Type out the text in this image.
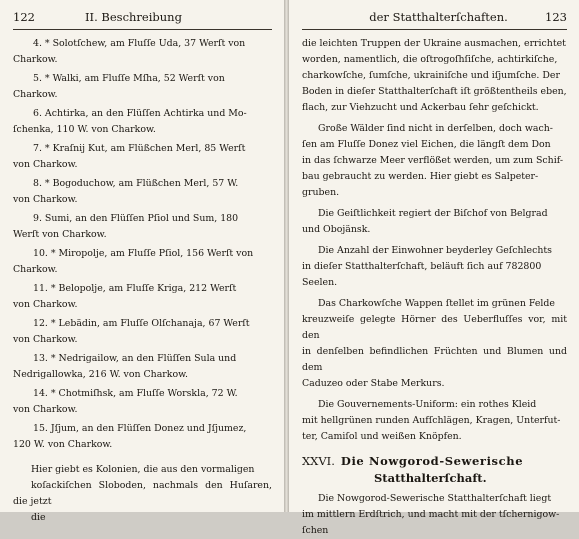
122	II. Beschreibung
4. * Solotſchew, am Fluſſe Uda, 37 Werſt von
Charkow.
5. * Walki, am Fluſſe Mſha, 52 Werſt von
Charkow.
6. Achtirka, an den Flüſſen Achtirka und Mo-
ſchenka, 110 W. von Charkow.
7. * Kraſnij Kut, am Flüßchen Merl, 85 Werſt
von Charkow.
8. * Bogoduchow, am Flüßchen Merl, 57 W.
von Charkow.
9. Sumi, an den Flüſſen Pſiol und Sum, 180
Werſt von Charkow.
10. * Miropolje, am Fluſſe Pſiol, 156 Werſt von
Charkow.
11. * Belopolje, am Fluſſe Kriga, 212 Werſt
von Charkow.
12. * Lebädin, am Fluſſe Olſchanaja, 67 Werſt
von Charkow.
13. * Nedrigailow, an den Flüſſen Sula und
Nedrigallowka, 216 W. von Charkow.
14. * Chotmiſhsk, am Fluſſe Worskla, 72 W.
von Charkow.
15. Jſjum, an den Flüſſen Donez und Jſjumez,
120 W. von Charkow.
Hier giebt es Kolonien, die aus den vormaligen
koſackiſchen Sloboden, nachmals den Huſaren, die jetzt
die
der Statthalterſchaften.	123
die leichten Truppen der Ukraine ausmachen, errichtet
worden, namentlich, die oſtrogoſhſiſche, achtirkiſche,
charkowſche, ſumſche, ukrainiſche und iſjumſche. Der
Boden in dieſer Statthalterſchaft iſt größtentheils eben,
flach, zur Viehzucht und Ackerbau ſehr geſchickt.
Große Wälder ſind nicht in derſelben, doch wach-
ſen am Fluſſe Donez viel Eichen, die längſt dem Don
in das ſchwarze Meer verflößet werden, um zum Schif-
bau gebraucht zu werden. Hier giebt es Salpeter-
gruben.
Die Geiſtlichkeit regiert der Biſchof von Belgrad
und Obojänsk.
Die Anzahl der Einwohner beyderley Geſchlechts
in dieſer Statthalterſchaft, beläuft ſich auf 782800
Seelen.
Das Charkowſche Wappen ſtellet im grünen Felde
kreuzweiſe gelegte Hörner des Ueberfluſſes vor, mit den
in denſelben befindlichen Früchten und Blumen und dem
Caduzeo oder Stabe Merkurs.
Die Gouvernements-Uniform: ein rothes Kleid
mit hellgrünen runden Aufſchlägen, Kragen, Unterfut-
ter, Camiſol und weißen Knöpfen.
XXVI. Die Nowgorod-Sewerische
Statthalterſchaft.
Die Nowgorod-Sewerische Statthalterſchaft liegt
im mittlern Erdſtrich, und macht mit der tſchernigow-
ſchen
